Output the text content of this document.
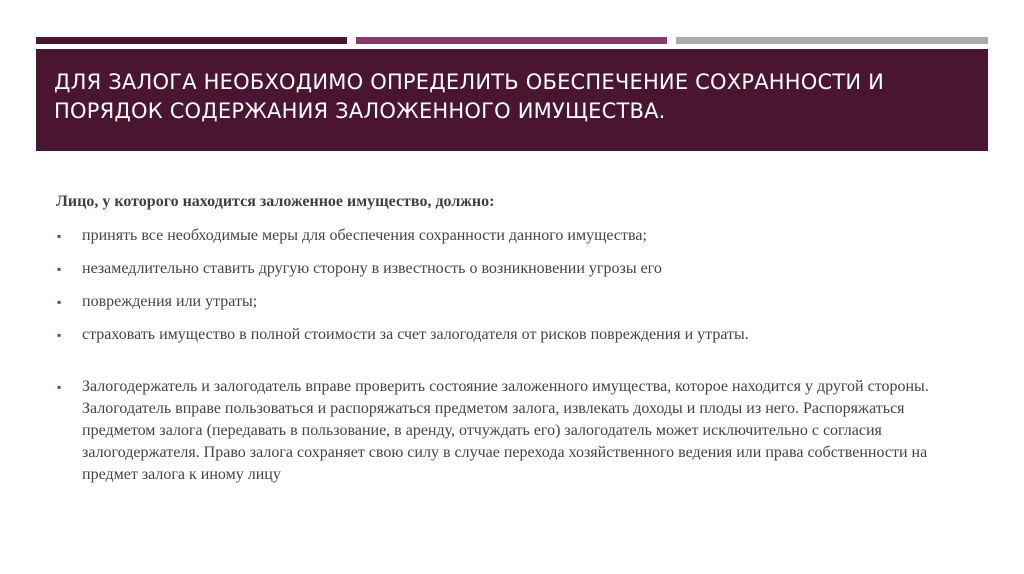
ДЛЯ ЗАЛОГА НЕОБХОДИМО ОПРЕДЕЛИТЬ ОБЕСПЕЧЕНИЕ СОХРАННОСТИ И ПОРЯДОК СОДЕРЖАНИЯ ЗАЛОЖЕННОГО ИМУЩЕСТВА.

Лицо, у которого находится заложенное имущество, должно:

▪ принять все необходимые меры для обеспечения сохранности данного имущества;
▪ незамедлительно ставить другую сторону в известность о возникновении угрозы его
▪ повреждения или утраты;
▪ страховать имущество в полной стоимости за счет залогодателя от рисков повреждения и утраты.
▪ Залогодержатель и залогодатель вправе проверить состояние заложенного имущества, которое находится у другой стороны. Залогодатель вправе пользоваться и распоряжаться предметом залога, извлекать доходы и плоды из него. Распоряжаться предметом залога (передавать в пользование, в аренду, отчуждать его) залогодатель может исключительно с согласия залогодержателя. Право залога сохраняет свою силу в случае перехода хозяйственного ведения или права собственности на предмет залога к иному лицу
